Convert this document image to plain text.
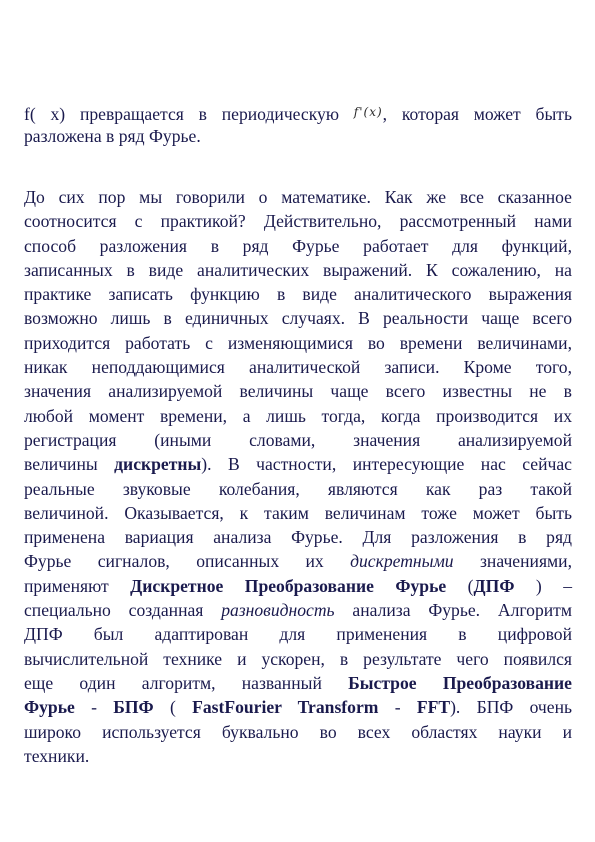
f( x) превращается в периодическую f'(x), которая может быть
разложена в ряд Фурье.

До сих пор мы говорили о математике. Как же все сказанное
соотносится с практикой? Действительно, рассмотренный нами
способ разложения в ряд Фурье работает для функций,
записанных в виде аналитических выражений. К сожалению, на
практике записать функцию в виде аналитического выражения
возможно лишь в единичных случаях. В реальности чаще всего
приходится работать с изменяющимися во времени величинами,
никак неподдающимися аналитической записи. Кроме того,
значения анализируемой величины чаще всего известны не в
любой момент времени, а лишь тогда, когда производится их
регистрация (иными словами, значения анализируемой
величины дискретны). В частности, интересующие нас сейчас
реальные звуковые колебания, являются как раз такой
величиной. Оказывается, к таким величинам тоже может быть
применена вариация анализа Фурье. Для разложения в ряд
Фурье сигналов, описанных их дискретными значениями,
применяют Дискретное Преобразование Фурье (ДПФ ) –
специально созданная разновидность анализа Фурье. Алгоритм
ДПФ был адаптирован для применения в цифровой
вычислительной технике и ускорен, в результате чего появился
еще один алгоритм, названный Быстрое Преобразование
Фурье - БПФ ( FastFourier Transform - FFT). БПФ очень
широко используется буквально во всех областях науки и
техники.
